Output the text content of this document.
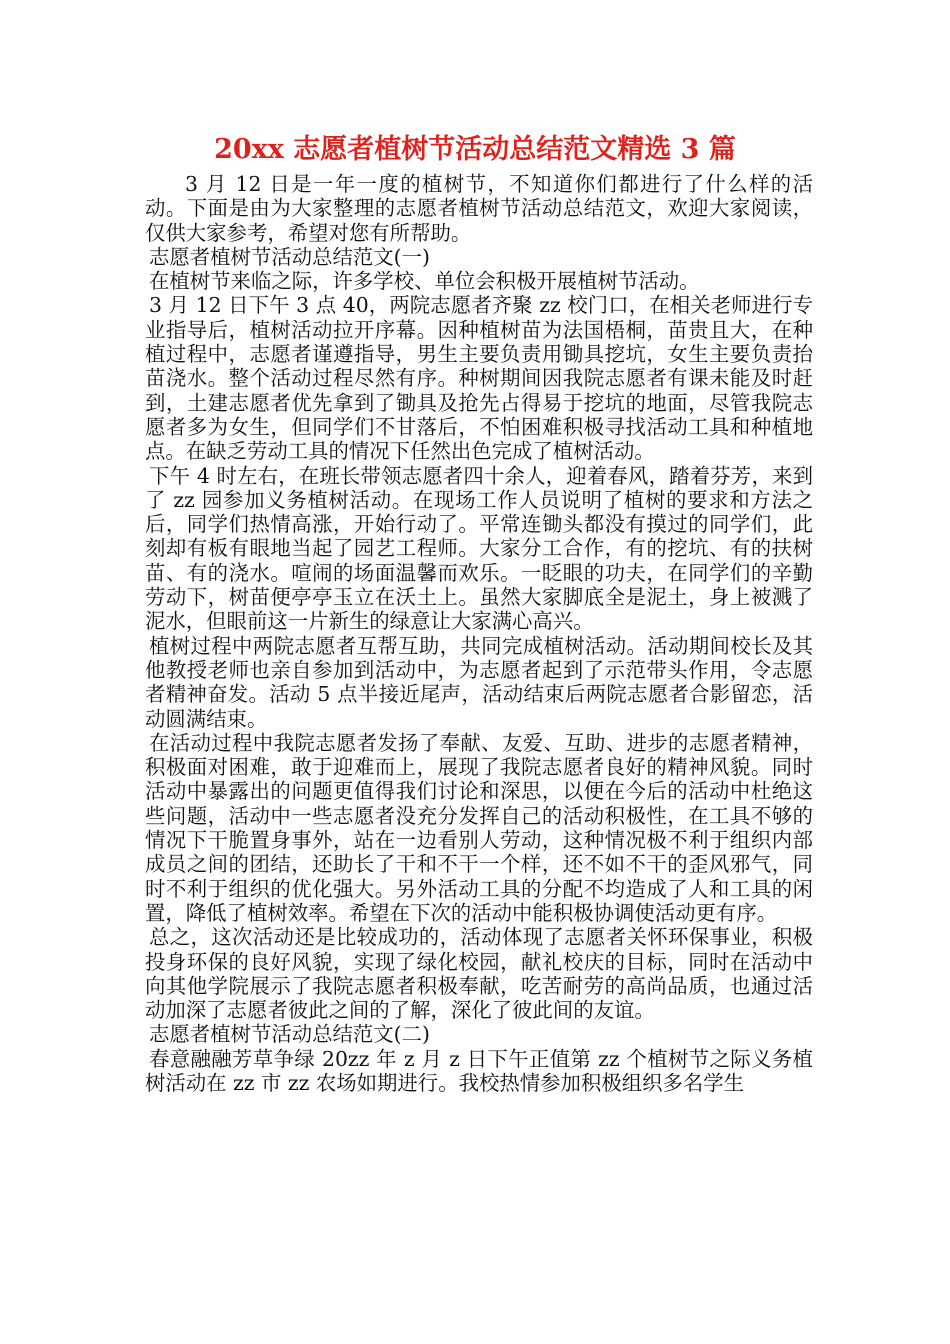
20xx 志愿者植树节活动总结范文精选 3 篇

3 月 12 日是一年一度的植树节，不知道你们都进行了什么样的活动。下面是由为大家整理的志愿者植树节活动总结范文，欢迎大家阅读，仅供大家参考，希望对您有所帮助。

志愿者植树节活动总结范文(一)

在植树节来临之际，许多学校、单位会积极开展植树节活动。

3 月 12 日下午 3 点 40，两院志愿者齐聚 zz 校门口，在相关老师进行专业指导后，植树活动拉开序幕。因种植树苗为法国梧桐，苗贵且大，在种植过程中，志愿者谨遵指导，男生主要负责用锄具挖坑，女生主要负责抬苗浇水。整个活动过程尽然有序。种树期间因我院志愿者有课未能及时赶到，土建志愿者优先拿到了锄具及抢先占得易于挖坑的地面，尽管我院志愿者多为女生，但同学们不甘落后，不怕困难积极寻找活动工具和种植地点。在缺乏劳动工具的情况下任然出色完成了植树活动。

下午 4 时左右，在班长带领志愿者四十余人，迎着春风，踏着芬芳，来到了 zz 园参加义务植树活动。在现场工作人员说明了植树的要求和方法之后，同学们热情高涨，开始行动了。平常连锄头都没有摸过的同学们，此刻却有板有眼地当起了园艺工程师。大家分工合作，有的挖坑、有的扶树苗、有的浇水。喧闹的场面温馨而欢乐。一眨眼的功夫，在同学们的辛勤劳动下，树苗便亭亭玉立在沃土上。虽然大家脚底全是泥土，身上被溅了泥水，但眼前这一片新生的绿意让大家满心高兴。

植树过程中两院志愿者互帮互助，共同完成植树活动。活动期间校长及其他教授老师也亲自参加到活动中，为志愿者起到了示范带头作用，令志愿者精神奋发。活动 5 点半接近尾声，活动结束后两院志愿者合影留恋，活动圆满结束。

在活动过程中我院志愿者发扬了奉献、友爱、互助、进步的志愿者精神，积极面对困难，敢于迎难而上，展现了我院志愿者良好的精神风貌。同时活动中暴露出的问题更值得我们讨论和深思，以便在今后的活动中杜绝这些问题，活动中一些志愿者没充分发挥自己的活动积极性，在工具不够的情况下干脆置身事外，站在一边看别人劳动，这种情况极不利于组织内部成员之间的团结，还助长了干和不干一个样，还不如不干的歪风邪气，同时不利于组织的优化强大。另外活动工具的分配不均造成了人和工具的闲置，降低了植树效率。希望在下次的活动中能积极协调使活动更有序。

总之，这次活动还是比较成功的，活动体现了志愿者关怀环保事业，积极投身环保的良好风貌，实现了绿化校园，献礼校庆的目标，同时在活动中向其他学院展示了我院志愿者积极奉献，吃苦耐劳的高尚品质，也通过活动加深了志愿者彼此之间的了解，深化了彼此间的友谊。

志愿者植树节活动总结范文(二)

春意融融芳草争绿 20zz 年 z 月 z 日下午正值第 zz 个植树节之际义务植树活动在 zz 市 zz 农场如期进行。我校热情参加积极组织多名学生
